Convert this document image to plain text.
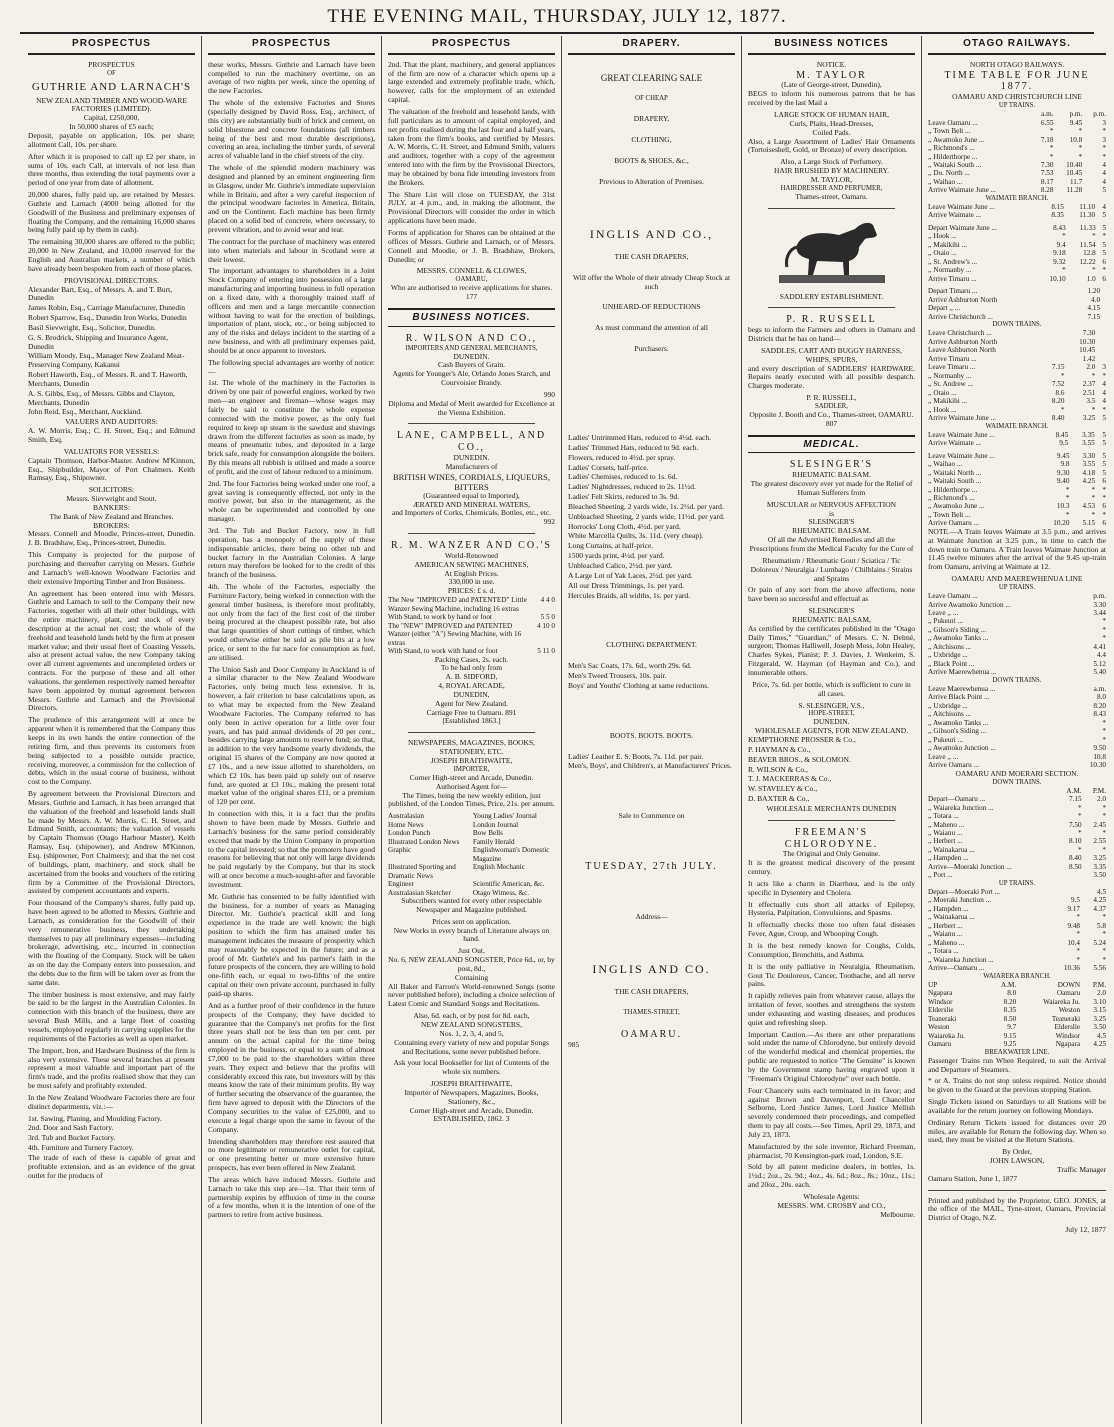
THE EVENING MAIL, THURSDAY, JULY 12, 1877.
PROSPECTUS
PROSPECTUS
OF
GUTHRIE AND LARNACH'S
NEW ZEALAND TIMBER AND WOOD-WARE FACTORIES (LIMITED).
Capital, £250,000,
In 50,000 shares of £5 each;

Deposit, payable on application, 10s. per share; allotment Call, 10s. per share.

After which it is proposed to call up £2 per share, in sums of 10s. each Call, at intervals of not less than three months, thus extending the total payments over a period of one year from date of allotment.

20,000 shares, fully paid up, are retained by Messrs. Guthrie and Larnach (4000 being allotted for the Goodwill of the Business and preliminary expenses of floating the Company, and the remaining 16,000 shares being fully paid up by them in cash).

The remaining 30,000 shares are offered to the public; 20,000 in New Zealand, and 10,000 reserved for the English and Australian markets, a number of which have already been bespoken from each of those places.

PROVISIONAL DIRECTORS.

Alexander Bart, Esq., of Messrs. A. and T. Burt, Dunedin

James Robin, Esq., Carriage Manufacturer, Dunedin

Robert Sparrow, Esq., Dunedin Iron Works, Dunedin

Basil Sievwright, Esq., Solicitor, Dunedin.

G. S. Brodrick, Shipping and Insurance Agent, Dunedin

William Moody, Esq., Manager New Zealand Meat-Preserving Company, Kakanui

Robert Haworth, Esq., of Messrs. R. and T. Haworth, Merchants, Dunedin

A. S. Gibbs, Esq., of Messrs. Gibbs and Clayton, Merchants, Dunedin

John Reid, Esq., Merchant, Auckland.

VALUERS AND AUDITORS:

A. W. Morris, Esq.; C. H. Street, Esq.; and Edmund Smith, Esq.

VALUATORS FOR VESSELS:

Captain Thomson, Harbor-Master. Andrew M'Kinnon, Esq., Shipbuilder, Mayor of Port Chalmers. Keith Ramsay, Esq., Shipowner.

SOLICITORS:
Messrs. Sievwright and Stout.
BANKERS:
The Bank of New Zealand and Branches.
BROKERS:

Messrs. Connell and Moodie, Princes-street, Dunedin. J. B. Bradshaw, Esq., Princes-street, Dunedin.

This Company is projected for the purpose of purchasing and thereafter carrying on Messrs. Guthrie and Larnach's well-known Woodware Factories and their extensive Importing Timber and Iron Business.

An agreement has been entered into with Messrs. Guthrie and Larnach to sell to the Company their new Factories, together with all their other buildings, with the entire machinery, plant, and stock of every description at the actual net cost; the whole of the freehold and leasehold lands held by the firm at present market value; and their usual fleet of Coasting Vessels, also at present actual value, the new Company taking over all current agreements and uncompleted orders or contracts. For the purpose of these and all other valuations, the gentlemen respectively named hereafter have been appointed by mutual agreement between Messrs. Guthrie and Larnach and the Provisional Directors.

The prudence of this arrangement will at once be apparent when it is remembered that the Company thus keeps in its own hands the entire connection of the retiring firm, and thus prevents its customers from being subjected to a possible outside practice, receiving, moreover, a commission for the collection of debts, which in the usual course of business, without cost to the Company.

By agreement between the Provisional Directors and Messrs. Guthrie and Larnach, it has been arranged that the valuation of the freehold and leasehold lands shall be made by Messrs. A. W. Morris, C. H. Street, and Edmund Smith, accountants; the valuation of vessels by Captain Thomson (Otago Harbour Master), Keith Ramsay, Esq. (shipowner), and Andrew M'Kinnon, Esq. (shipowner, Port Chalmers); and that the net cost of buildings, plant, machinery, and stock shall be ascertained from the books and vouchers of the retiring firm by a Committee of the Provisional Directors, assisted by competent accountants and experts.

Four thousand of the Company's shares, fully paid up, have been agreed to be allotted to Messrs. Guthrie and Larnach, as consideration for the Goodwill of their very remunerative business, they undertaking themselves to pay all preliminary expenses—including brokerage, advertising, etc., incurred in connection with the floating of the Company. Stock will be taken as on the day the Company enters into possession, and the debts due to the firm will be taken over as from the same date.

The timber business is most extensive, and may fairly be said to be the largest in the Australian Colonies. In connection with this branch of the business, there are several Bush Mills, and a large fleet of coasting vessels, employed regularly in carrying supplies for the requirements of the Factories as well as open market.

The Import, Iron, and Hardware Business of the firm is also very extensive. These several branches at present represent a most valuable and important part of the firm's trade, and the profits realised show that they can be most safely and profitably extended.

In the New Zealand Woodware Factories there are four distinct departments, viz.:—

1st. Sawing, Planing, and Moulding Factory.

2nd. Door and Sash Factory.

3rd. Tub and Bucket Factory.

4th. Furniture and Turnery Factory.

The trade of each of these is capable of great and profitable extension, and as an evidence of the great outlet for the products of

PROSPECTUS

these works, Messrs. Guthrie and Larnach have been compelled to run the machinery overtime, on an average of two nights per week, since the opening of the new Factories.

The whole of the extensive Factories and Stores (specially designed by David Ross, Esq., architect, of this city) are substantially built of brick and cement, on solid bluestone and concrete foundations (all timbers being of the best and most durable descriptions), covering an area, including the timber yards, of several acres of valuable land in the chief streets of the city.

The whole of the splendid modern machinery was designed and planned by an eminent engineering firm in Glasgow, under Mr. Guthrie's immediate supervision while in Britain, and after a very careful inspection of the principal woodware factories in America, Britain, and on the Continent. Each machine has been firmly placed on a solid bed of concrete, where necessary, to prevent vibration, and to avoid wear and tear.

The contract for the purchase of machinery was entered into when materials and labour in Scotland were at their lowest.

The important advantages to shareholders in a Joint Stock Company of entering into possession of a large manufacturing and importing business in full operation on a fixed date, with a thoroughly trained staff of officers and men and a large mercantile connection without having to wait for the erection of buildings, importation of plant, stock, etc., or being subjected to any of the risks and delays incident to the starting of a new business, and with all preliminary expenses paid, should be at once apparent to investors.

The following special advantages are worthy of notice:—

1st. The whole of the machinery in the Factories is driven by one pair of powerful engines, worked by two men—an engineer and fireman—whose wages may fairly be said to constitute the whole expense connected with the motive power, as the only fuel required to keep up steam is the sawdust and shavings drawn from the different factories as soon as made, by means of pneumatic tubes, and deposited in a large brick safe, ready for consumption alongside the boilers. By this means all rubbish is utilised and made a source of profit, and the cost of labour reduced to a minimum.

2nd. The four Factories being worked under one roof, a great saving is consequently effected, not only in the motive power, but also in the management, as the whole can be superintended and controlled by one manager.

3rd. The Tub and Bucket Factory, now in full operation, has a monopoly of the supply of these indispensable articles, there being no other tub and bucket factory in the Australian Colonies. A large return may therefore be looked for to the credit of this branch of the business.

4th. The whole of the Factories, especially the Furniture Factory, being worked in connection with the general timber business, is therefore most profitably, not only from the fact of the first cost of the timber being procured at the cheapest possible rate, but also that large quantities of short cuttings of timber, which would otherwise either be sold as pile bits at a low price, or sent to the fur nace for consumption as fuel, are utilised.

The Union Sash and Door Company in Auckland is of a similar character to the New Zealand Woodware Factories, only being much less extensive. It is, however, a fair criterion to base calculations upon, as to what may be expected from the New Zealand Woodware Factories. The Company referred to has only been in active operation for a little over four years, and has paid annual dividends of 20 per cent., besides carrying large amounts to reserve fund; so that, in addition to the very handsome yearly dividends, the original 15 shares of the Company are now quoted at £7 10s., and a new issue allotted to shareholders, on which £2 10s. has been paid up solely out of reserve fund, are quoted at £3 10s., making the present total market value of the original shares £11, or a premium of 120 per cent.

In connection with this, it is a fact that the profits shown to have been made by Messrs. Guthrie and Larnach's business for the same period considerably exceed that made by the Union Company in proportion to the capital invested; so that the promoters have good reasons for believing that not only will large dividends be paid regularly by the Company, but that its stock will at once become a much-sought-after and favorable investment.

Mr. Guthrie has consented to be fully identified with the business, for a number of years as Managing Director. Mr. Guthrie's practical skill and long experience in the trade are well known; the high position to which the firm has attained under his management indicates the measure of prosperity which may reasonably be expected in the future; and as a proof of Mr. Guthrie's and his partner's faith in the future prospects of the concern, they are willing to hold one-fifth each, or equal to two-fifths of the entire capital on their own private account, purchased in fully paid-up shares.

And as a further proof of their confidence in the future prospects of the Company, they have decided to guarantee that the Company's net profits for the first three years shall not be less than ten per cent. per annum on the actual capital for the time being employed in the business, or equal to a sum of almost £7,000 to be paid to the shareholders within three years. They expect and believe that the profits will considerably exceed this rate, but investors will by this means know the rate of their minimum profits. By way of further securing the observance of the guarantee, the firm have agreed to deposit with the Directors of the Company securities to the value of £25,000, and to execute a legal charge upon the same in favour of the Company.

Intending shareholders may therefore rest assured that no more legitimate or remunerative outlet for capital, or one presenting better or more extensive future prospects, has ever been offered in New Zealand.

The areas which have induced Messrs. Guthrie and Larnach to take this step are—1st. That their term of partnership expires by effluxion of time in the course of a few months, when it is the intention of one of the partners to retire from active business.

PROSPECTUS

2nd. That the plant, machinery, and general appliances of the firm are now of a character which opens up a large extended and extremely profitable trade, which, however, calls for the employment of an extended capital.

The valuation of the freehold and leasehold lands, with full particulars as to amount of capital employed, and net profits realised during the last four and a half years, taken from the firm's books, and certified by Messrs. A. W. Morris, C. H. Street, and Edmund Smith, valuers and auditors, together with a copy of the agreement entered into with the firm by the Provisional Directors, may be obtained by bona fide intending investors from the Brokers.

The Share List will close on TUESDAY, the 31st JULY, at 4 p.m., and, in making the allotment, the Provisional Directors will consider the order in which applications have been made.

Forms of application for Shares can be obtained at the offices of Messrs. Guthrie and Larnach, or of Messrs. Connell and Moodie, or J. B. Bradshaw, Brokers, Dunedin; or

MESSRS. CONNELL & CLOWES,
OAMARU,
Who are authorised to receive applications for shares. 177
BUSINESS NOTICES.
R. WILSON AND CO.,
IMPORTERS AND GENERAL MERCHANTS,
DUNEDIN.
Cash Buyers of Grain.

Agents for Younger's Ale, Orlando Jones Starch, and Courvoisier Brandy.

990

Diploma and Medal of Merit awarded for Excellence at the Vienna Exhibition.

LANE, CAMPBELL, AND CO.,
DUNEDIN.
Manufacturers of
BRITISH WINES, CORDIALS, LIQUEURS, BITTERS
(Guaranteed equal to Imported),
ÆRATED AND MINERAL WATERS,
and Importers of Corks, Chemicals, Bottles, etc., etc.
992
R. M. WANZER AND CO.'S
World-Renowned
AMERICAN SEWING MACHINES,
At English Prices.
330,000 in use.
PRICES: £ s. d.
The New "IMPROVED and PATENTED" Little Wanzer Sewing Machine, including 16 extras	4 4 0
With Stand, to work by hand or foot	5 5 0
The "NEW" IMPROVED and PATENTED Wanzer (either "A") Sewing Machine, with 16 extras	4 10 0
With Stand, to work with hand or foot	5 11 0
Packing Cases, 2s. each.
To be had only from
A. B. SIDFORD,
4, ROYAL ARCADE,
DUNEDIN,
Agent for New Zealand.
Carriage Free to Oamaru. 891
[Established 1863.]
NEWSPAPERS, MAGAZINES, BOOKS, STATIONERY, ETC.
JOSEPH BRAITHWAITE,
IMPORTER,
Corner High-street and Arcade, Dunedin.
Authorised Agent for—

The Times, being the new weekly edition, just published, of the London Times, Price, 21s. per annum.

Australasian	Young Ladies' Journal
Home News	London Journal
London Punch	Bow Bells
Illustrated London News	Family Herald
Graphic	Englishwoman's Domestic Magazine
Illustrated Sporting and Dramatic News	English Mechanic
Engineer	Scientific American, &c.
Australasian Sketcher	Otago Witness, &c.

Subscribers wanted for every other respectable Newspaper and Magazine published.

Prices sent on application.

New Works in every branch of Literature always on hand.

Just Out,
No. 6, NEW ZEALAND SONGSTER, Price 6d., or, by post, 8d.,
Containing

All Baker and Farron's World-renowned Songs (some never published before), including a choice selection of Latest Comic and Standard Songs and Recitations.

Also, 6d. each, or by post for 8d. each,
NEW ZEALAND SONGSTERS,
Nos. 1, 2, 3, 4, and 5,

Containing every variety of new and popular Songs and Recitations, some never published before.

Ask your local Bookseller for list of Contents of the whole six numbers.

JOSEPH BRAITHWAITE,
Importer of Newspapers, Magazines, Books, Stationery, &c.,
Corner High-street and Arcade, Dunedin.
ESTABLISHED, 1862. 3
DRAPERY.
GREAT CLEARING SALE
OF CHEAP
DRAPERY,
CLOTHING,
BOOTS & SHOES, &c.,
Previous to Alteration of Premises.
INGLIS AND CO.,
THE CASH DRAPERS,
Will offer the Whole of their already Cheap Stock at such
UNHEARD-OF REDUCTIONS
As must command the attention of all
Purchasers.

Ladies' Untrimmed Hats, reduced to 4½d. each.

Ladies' Trimmed Hats, reduced to 9d. each.

Flowers, reduced to 4½d. per spray.

Ladies' Corsets, half-price.

Ladies' Chemises, reduced to 1s. 6d.

Ladies' Nightdresses, reduced to 2s. 11½d.

Ladies' Felt Skirts, reduced to 3s. 9d.

Bleached Sheeting, 2 yards wide, 1s. 2½d. per yard.

Unbleached Sheeting, 2 yards wide, 11½d. per yard.

Horrocks' Long Cloth, 4½d. per yard.

White Marcella Quilts, 3s. 11d. (very cheap).

Long Curtains, at half-price.

1500 yards print, 4½d. per yard.

Unbleached Calico, 2½d. per yard.

A Large Lot of Yak Laces, 2½d. per yard.

All our Dress Trimmings, 1s. per yard.

Hercules Braids, all widths, 1s. per yard.

CLOTHING DEPARTMENT.

Men's Sac Coats, 17s. 6d., worth 29s. 6d.

Men's Tweed Trousers, 10s. pair.

Boys' and Youths' Clothing at same reductions.

BOOTS. BOOTS. BOOTS.

Ladies' Leather E. S. Boots, 7s. 11d. per pair.

Men's, Boys', and Children's, at Manufacturers' Prices.

Sale to Commence on
TUESDAY, 27th JULY.
Address—
INGLIS AND CO.
THE CASH DRAPERS,
THAMES-STREET,
OAMARU.
985
BUSINESS NOTICES
NOTICE.
M. TAYLOR
(Late of George-street, Dunedin),

BEGS to inform his numerous patrons that he has received by the last Mail a

LARGE STOCK OF HUMAN HAIR,
Curls, Plaits, Head-Dresses,
Coiled Pads.

Also, a Large Assortment of Ladies' Hair Ornaments (Tortoiseshell, Gold, or Bronze) of every description.

Also, a Large Stock of Perfumery.
HAIR BRUSHED BY MACHINERY.
M. TAYLOR,
HAIRDRESSER AND PERFUMER,
Thames-street, Oamaru.
SADDLERY ESTABLISHMENT.
P. R. RUSSELL

begs to inform the Farmers and others in Oamaru and Districts that he has on hand—

SADDLES, CART AND BUGGY HARNESS, WHIPS, SPURS,

and every description of SADDLERS' HARDWARE. Repairs neatly executed with all possible despatch. Charges moderate.

P. R. RUSSELL,
SADDLER,
Opposite J. Booth and Co., Thames-street, OAMARU. 807
MEDICAL.
SLESINGER'S
RHEUMATIC BALSAM.

The greatest discovery ever yet made for the Relief of Human Sufferers from

MUSCULAR or NERVOUS AFFECTION
is
SLESINGER'S
RHEUMATIC BALSAM.

Of all the Advertised Remedies and all the Prescriptions from the Medical Faculty for the Cure of

Rheumatism / Rheumatic Gout / Sciatica / Tic Doloreux / Neuralgia / Lumbago / Chilblains / Strains and Sprains

Or pain of any sort from the above affections, none have been so successful and effectual as

SLESINGER'S
RHEUMATIC BALSAM,

As certified by the certificates published in the "Otago Daily Times," "Guardian," of Messrs. C. N. Delmé, surgeon; Thomas Halliwell, Joseph Moss, John Healey, Charles Sykes, Pianist; P. J. Davies, J. Wenkeim, S. Fitzgerald, W. Hayman (of Hayman and Co.), and innumerable others.

Price, 7s. 6d. per bottle, which is sufficient to cure in all cases.

S. SLESINGER, V.S.,
HOPE-STREET,
DUNEDIN.
WHOLESALE AGENTS, FOR NEW ZEALAND.

KEMPTHORNE PROSSER & Co.,

P. HAYMAN & Co.,

BEAVER BROS., & SOLOMON.

R. WILSON & Co.,

T. J. MACKERRAS & Co.,

W. STAVELEY & Co.,

D. BAXTER & Co.,

WHOLESALE MERCHANTS DUNEDIN
FREEMAN'S CHLORODYNE.
The Original and Only Genuine.

It is the greatest medical discovery of the present century.

It acts like a charm in Diarrhœa, and is the only specific in Dysentery and Cholera.

It effectually cuts short all attacks of Epilepsy, Hysteria, Palpitation, Convulsions, and Spasms.

It effectually checks those too often fatal diseases Fever, Ague, Croup, and Whooping Cough.

It is the best remedy known for Coughs, Colds, Consumption, Bronchitis, and Asthma.

It is the only palliative in Neuralgia, Rheumatism, Gout Tic Douloreux, Cancer, Toothache, and all nerve pains.

It rapidly relieves pain from whatever cause, allays the irritation of fever, soothes and strengthens the system under exhausting and wasting diseases, and produces quiet and refreshing sleep.

Important Caution.—As there are other preparations sold under the name of Chlorodyne, but entirely devoid of the wonderful medical and chemical properties, the public are requested to notice "The Genuine" is known by the Government stamp having engraved upon it "Freeman's Original Chlorodyne" over each bottle.

Four Chancery suits each terminated in its favor; and against Brown and Davenport, Lord Chancellor Selborne, Lord Justice James, Lord Justice Mellish severely condemned their proceedings, and compelled them to pay all costs.—See Times, April 29, 1873, and July 23, 1873.

Manufactured by the sole inventor, Richard Freeman, pharmacist, 70 Kensington-park road, London, S.E.

Sold by all patent medicine dealers, in bottles, 1s. 1½d.; 2oz., 2s. 9d.; 4oz., 4s. 6d.; 8oz., 8s.; 10oz., 11s.; and 20oz., 20s. each.

Wholesale Agents:
MESSRS. WM. CROSBY and CO.,
Melbourne.
OTAGO RAILWAYS.
NORTH OTAGO RAILWAYS.
TIME TABLE FOR JUNE 1877.
OAMARU AND CHRISTCHURCH LINE
UP TRAINS.
	a.m.	p.m.	p.m.
Leave Oamaru ...	6.55	9.45	3
,, Town Belt ...	*	*	*
,, Awamoko June ...	7.18	10.8	3
,, Richmond's ...	*	*	*
,, Hilderthorpe ...	*	*	*
,, Waitaki South ...	7.30	10.40	4
,, Do. North ...	7.53	10.45	4
,, Waihao ...	8.17	11.7	4
Arrive Waimate June ...	8.28	11.28	5
WAIMATE BRANCH.
Leave Waimate June ...	8.15	11.10	4
Arrive Waimate ...	8.35	11.30	5
Depart Waimate June ...	8.43	11.33	5
,, Hook ...	*	*	*
,, Makikihi ...	9.4	11.54	5
,, Otaio ...	9.18	12.8	5
,, St. Andrew's ...	9.32	12.22	6
,, Normanby ...	*	*	*
Arrive Timaru ...	10.10	1.0	6
Depart Timaru ...		1.20	
Arrive Ashburton North		4.0	
Depart ,, ...		4.15	
Arrive Christchurch ...		7.15	
DOWN TRAINS.
Leave Christchurch ...		7.30	
Arrive Ashburton North		10.30	
Leave Ashburton North		10.45	
Arrive Timaru ...		1.42	
Leave Timaru ...	7.15	2.0	3
,, Normanby ...	*	*	*
,, St. Andrew ...	7.52	2.37	4
,, Otaio ...	8.6	2.51	4
,, Makikihi ...	8.20	3.5	4
,, Hook ...	*	*	*
Arrive Waimate June ...	8.40	3.25	5
WAIMATE BRANCH.
Leave Waimate June ...	8.45	3.35	5
Arrive Waimate ...	9.5	3.55	5
Leave Waimate June ...	9.45	3.30	5
,, Waihao ...	9.8	3.55	5
,, Waitaki North ...	9.30	4.18	5
,, Waitaki South ...	9.40	4.25	6
,, Hilderthorpe ...	*	*	*
,, Richmond's ...	*	*	*
,, Awamoko June ...	10.3	4.53	6
,, Town Belt ...	*	*	*
Arrive Oamaru ...	10.20	5.15	6

NOTE.—A Train leaves Waimate at 3.5 p.m., and arrives at Waimate Junction at 3.25 p.m., in time to catch the down train to Oamaru. A Train leaves Waimate Junction at 11.45 twelve minutes after the arrival of the 9.45 up-train from Oamaru, arriving at Waimate at 12.

OAMARU AND MAEREWHENUA LINE
UP TRAINS.
Leave Oamaru ...	p.m.
Arrive Awamoko Junction ...	3.30
Leave ,, ...	3.44
,, Pukeuri ...	*
,, Gibson's Siding ...	*
,, Awamoko Tanks ...	*
,, Aitchisons ...	4.41
,, Uxbridge ...	4.4
,, Black Point ...	5.12
Arrive Maerewhenua ...	5.40
DOWN TRAINS.
Leave Maerewhenua ...	a.m.
Arrive Black Point ...	8.0
,, Uxbridge ...	8.20
,, Aitchisons ...	8.43
,, Awamoko Tanks ...	*
,, Gibson's Siding ...	*
,, Pukeuri ...	*
,, Awamoko Junction ...	9.50
Leave ,, ...	10.8
Arrive Oamaru ...	10.30
OAMARU AND MOERARI SECTION.
DOWN TRAINS.
	A.M.	P.M.
Depart—Oamaru ...	7.15	2.0
,, Waiareka Junction ...	*	*
,, Totara ...	*	*
,, Maheno ...	7.50	2.45
,, Waianu ...	*	*
,, Herbert ...	8.10	2.55
,, Wainakarua ...	*	*
,, Hampden ...	8.40	3.25
Arrive—Moeraki Junction ...	8.50	3.35
,, Port ...		3.50
UP TRAINS.
Depart—Moeraki Port ...		4.5
,, Moeraki Junction ...	9.5	4.25
,, Hampden ...	9.17	4.37
,, Wainakarua ...	*	*
,, Herbert ...	9.48	5.8
,, Waianu ...	*	*
,, Maheno ...	10.4	5.24
,, Totara ...	*	*
,, Waiareka Junction ...	*	*
Arrive—Oamaru ...	10.36	5.56
WAIAREKA BRANCH.
UP	A.M.	DOWN	P.M.
Ngapara	8.0	Oamaru	2.0
Windsor	8.20	Waiareka Ju.	3.10
Elderslie	8.35	Weston	3.15
Teaneraki	8.50	Teaneraki	3.25
Weston	9.7	Elderslie	3.50
Waiareka Ju.	9.15	Windsor	4.5
Oamaru	9.25	Ngapara	4.25
BREAKWATER LINE.

Passenger Trains run When Required, to suit the Arrival and Departure of Steamers.

* or A. Trains do not stop unless required. Notice should be given to the Guard at the previous stopping Station.

Single Tickets issued on Saturdays to all Stations will be available for the return journey on following Mondays.

Ordinary Return Tickets issued for distances over 20 miles, are available for Return the following day. When so used, they must be visited at the Return Stations.

By Order,
JOHN LAWSON,
Traffic Manager
Oamaru Station, June 1, 1877

Printed and published by the Proprietor, GEO. JONES, at the office of the MAIL, Tyne-street, Oamaru, Provincial District of Otago, N.Z.

July 12, 1877
